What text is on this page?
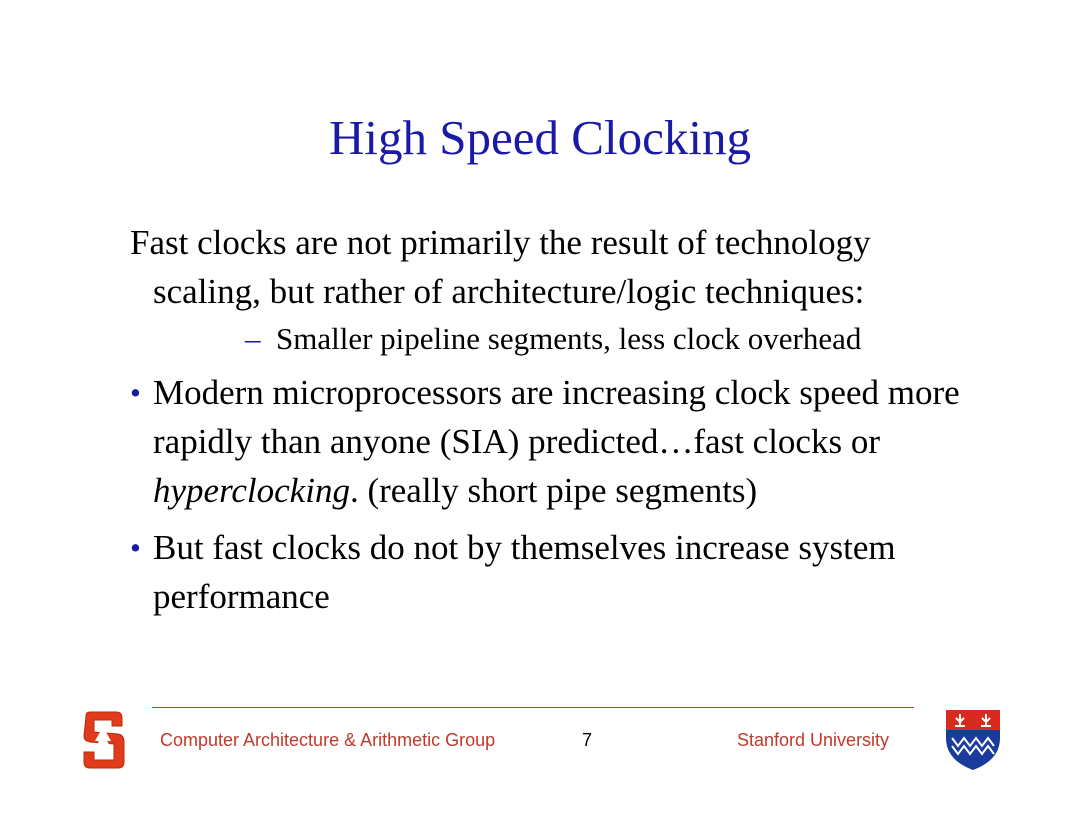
High Speed Clocking
Fast clocks are not primarily the result of technology scaling, but rather of architecture/logic techniques:
– Smaller pipeline segments, less clock overhead
• Modern microprocessors are increasing clock speed more rapidly than anyone (SIA) predicted…fast clocks or hyperclocking. (really short pipe segments)
• But fast clocks do not by themselves increase system performance
Computer Architecture & Arithmetic Group	7	Stanford University
